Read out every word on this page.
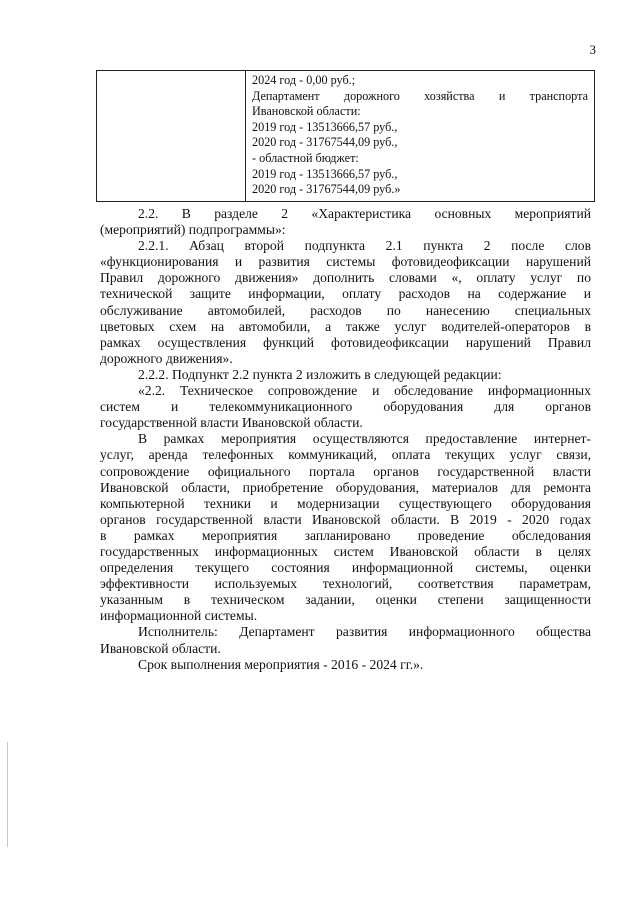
3

2024 год - 0,00 руб.;
Департамент дорожного хозяйства и транспорта
Ивановской области:
2019 год - 13513666,57 руб.,
2020 год - 31767544,09 руб.,
- областной бюджет:
2019 год - 13513666,57 руб.,
2020 год - 31767544,09 руб.»

2.2. В разделе 2 «Характеристика основных мероприятий
(мероприятий) подпрограммы»:

2.2.1. Абзац второй подпункта 2.1 пункта 2 после слов
«функционирования и развития системы фотовидеофиксации нарушений
Правил дорожного движения» дополнить словами «, оплату услуг по
технической защите информации, оплату расходов на содержание и
обслуживание автомобилей, расходов по нанесению специальных
цветовых схем на автомобили, а также услуг водителей-операторов в
рамках осуществления функций фотовидеофиксации нарушений Правил
дорожного движения».

2.2.2. Подпункт 2.2 пункта 2 изложить в следующей редакции:

«2.2. Техническое сопровождение и обследование информационных
систем и телекоммуникационного оборудования для органов
государственной власти Ивановской области.

В рамках мероприятия осуществляются предоставление интернет-
услуг, аренда телефонных коммуникаций, оплата текущих услуг связи,
сопровождение официального портала органов государственной власти
Ивановской области, приобретение оборудования, материалов для ремонта
компьютерной техники и модернизации существующего оборудования
органов государственной власти Ивановской области. В 2019 - 2020 годах
в рамках мероприятия запланировано проведение обследования
государственных информационных систем Ивановской области в целях
определения текущего состояния информационной системы, оценки
эффективности используемых технологий, соответствия параметрам,
указанным в техническом задании, оценки степени защищенности
информационной системы.

Исполнитель: Департамент развития информационного общества
Ивановской области.

Срок выполнения мероприятия - 2016 - 2024 гг.».
